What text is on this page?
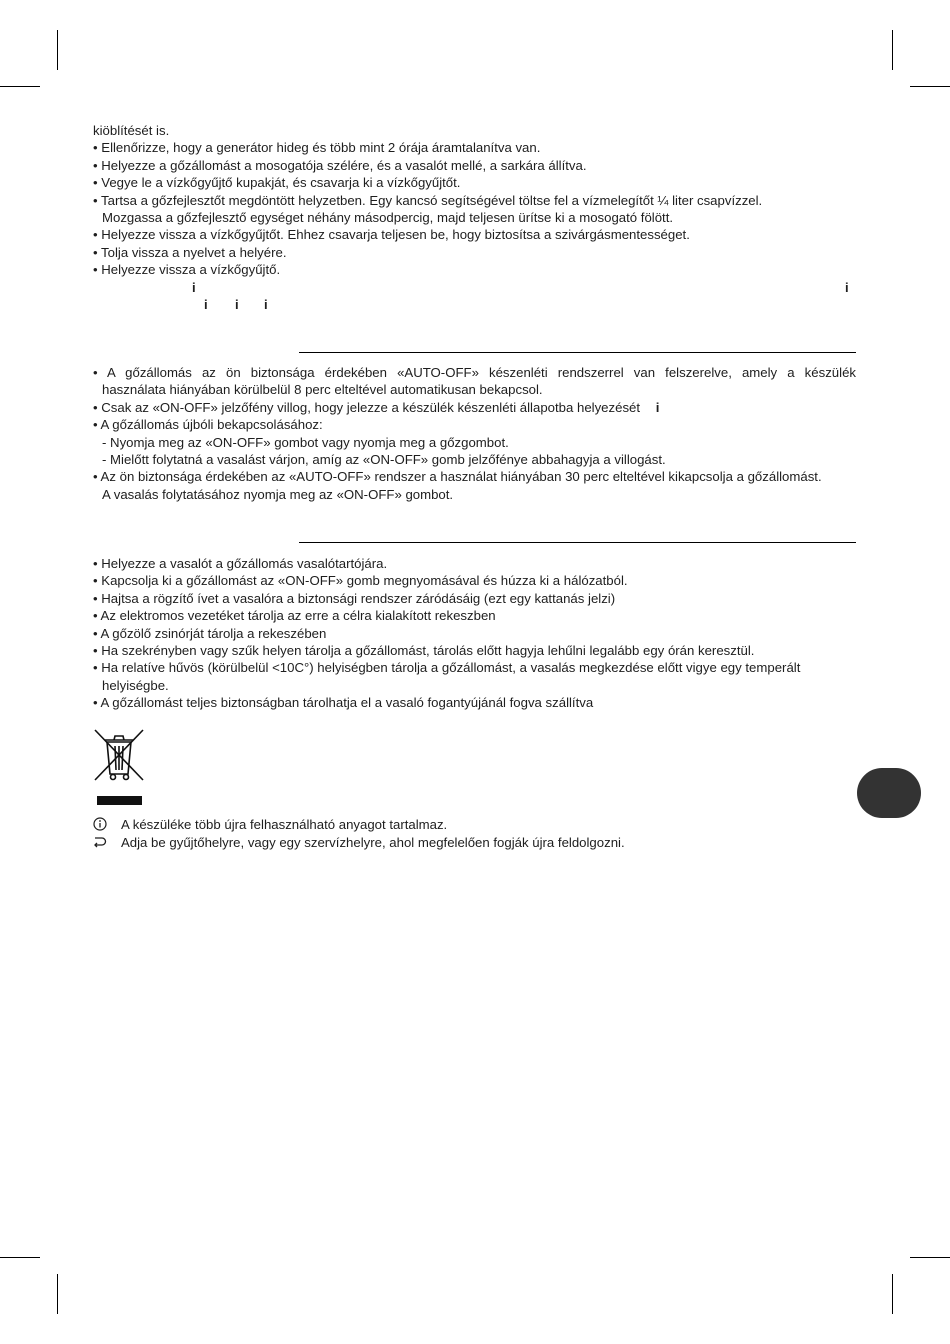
kiöblítését is.
• Ellenőrizze, hogy a generátor hideg és több mint 2 órája áramtalanítva van.
• Helyezze a gőzállomást a mosogatója szélére, és a vasalót mellé, a sarkára állítva.
• Vegye le a vízkőgyűjtő kupakját, és csavarja ki a vízkőgyűjtőt.
• Tartsa a gőzfejlesztőt megdöntött helyzetben. Egy kancsó segítségével töltse fel a vízmelegítőt ¼ liter csapvízzel.
Mozgassa a gőzfejlesztő egységet néhány másodpercig, majd teljesen ürítse ki a mosogató fölött.
• Helyezze vissza a vízkőgyűjtőt. Ehhez csavarja teljesen be, hogy biztosítsa a szivárgásmentességet.
• Tolja vissza a nyelvet a helyére.
• Helyezze vissza a vízkőgyűjtő.
i	i
i i i
• A gőzállomás az ön biztonsága érdekében «AUTO-OFF» készenléti rendszerrel van felszerelve, amely a készülék
használata hiányában körülbelül 8 perc elteltével automatikusan bekapcsol.
• Csak az «ON-OFF» jelzőfény villog, hogy jelezze a készülék készenléti állapotba helyezését i
• A gőzállomás újbóli bekapcsolásához:
- Nyomja meg az «ON-OFF» gombot vagy nyomja meg a gőzgombot.
- Mielőtt folytatná a vasalást várjon, amíg az «ON-OFF» gomb jelzőfénye abbahagyja a villogást.
• Az ön biztonsága érdekében az «AUTO-OFF» rendszer a használat hiányában 30 perc elteltével kikapcsolja a gőzállomást.
A vasalás folytatásához nyomja meg az «ON-OFF» gombot.
• Helyezze a vasalót a gőzállomás vasalótartójára.
• Kapcsolja ki a gőzállomást az «ON-OFF» gomb megnyomásával és húzza ki a hálózatból.
• Hajtsa a rögzítő ívet a vasalóra a biztonsági rendszer záródásáig (ezt egy kattanás jelzi)
• Az elektromos vezetéket tárolja az erre a célra kialakított rekeszben
• A gőzölő zsinórját tárolja a rekeszében
• Ha szekrényben vagy szűk helyen tárolja a gőzállomást, tárolás előtt hagyja lehűlni legalább egy órán keresztül.
• Ha relatíve hűvös (körülbelül <10C°) helyiségben tárolja a gőzállomást, a vasalás megkezdése előtt vigye egy temperált
helyiségbe.
• A gőzállomást teljes biztonságban tárolhatja el a vasaló fogantyújánál fogva szállítva
A készüléke több újra felhasználható anyagot tartalmaz.
Adja be gyűjtőhelyre, vagy egy szervízhelyre, ahol megfelelően fogják újra feldolgozni.
